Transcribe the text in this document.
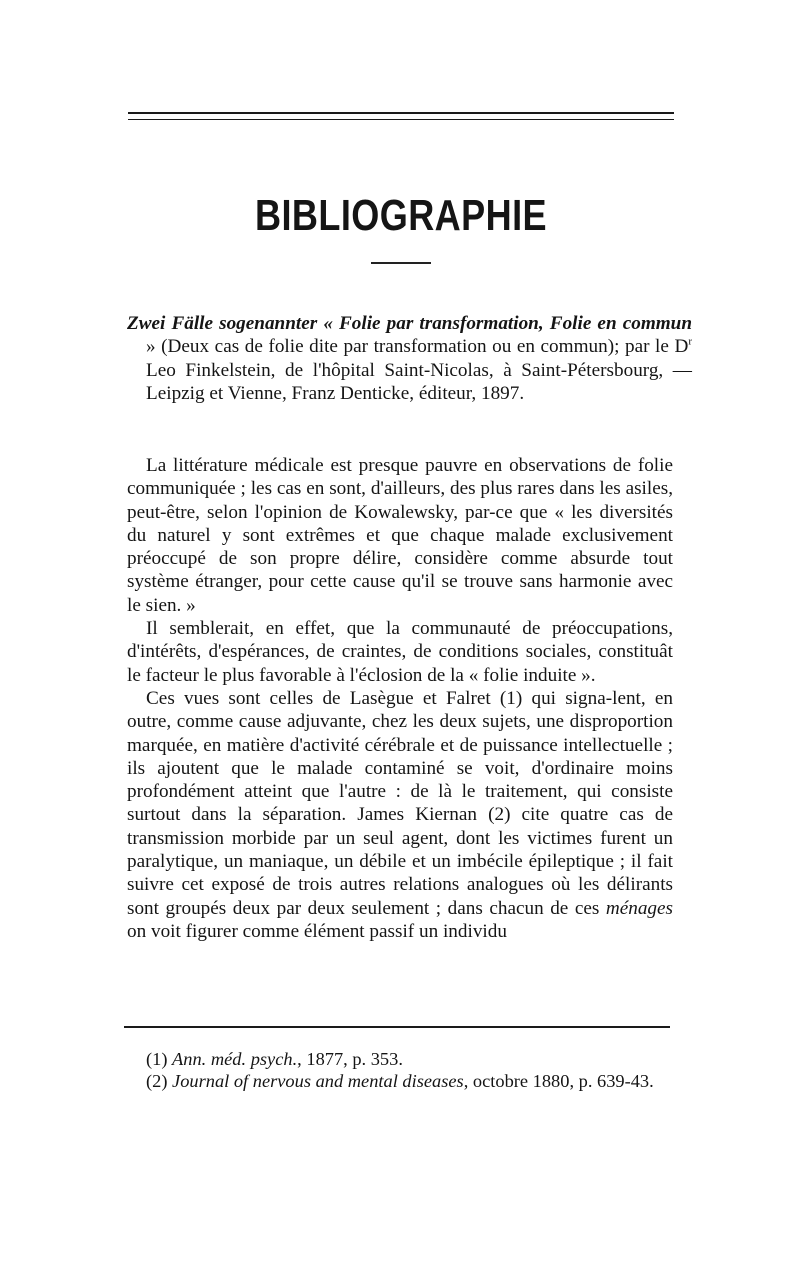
BIBLIOGRAPHIE

Zwei Fälle sogenannter « Folie par transformation, Folie en commun » (Deux cas de folie dite par transformation ou en commun); par le $D^r$ Leo Finkelstein, de l'hôpital Saint-Nicolas, à Saint-Pétersbourg, — Leipzig et Vienne, Franz Denticke, éditeur, 1897.

La littérature médicale est presque pauvre en observations de folie communiquée ; les cas en sont, d'ailleurs, des plus rares dans les asiles, peut-être, selon l'opinion de Kowalewsky, par-ce que « les diversités du naturel y sont extrêmes et que chaque malade exclusivement préoccupé de son propre délire, considère comme absurde tout système étranger, pour cette cause qu'il se trouve sans harmonie avec le sien. »

Il semblerait, en effet, que la communauté de préoccupations, d'intérêts, d'espérances, de craintes, de conditions sociales, constituât le facteur le plus favorable à l'éclosion de la « folie induite ».

Ces vues sont celles de Lasègue et Falret (1) qui signa-lent, en outre, comme cause adjuvante, chez les deux sujets, une disproportion marquée, en matière d'activité cérébrale et de puissance intellectuelle ; ils ajoutent que le malade contaminé se voit, d'ordinaire moins profondément atteint que l'autre : de là le traitement, qui consiste surtout dans la séparation. James Kiernan (2) cite quatre cas de transmission morbide par un seul agent, dont les victimes furent un paralytique, un maniaque, un débile et un imbécile épileptique ; il fait suivre cet exposé de trois autres relations analogues où les délirants sont groupés deux par deux seulement ; dans chacun de ces ménages on voit figurer comme élément passif un individu

(1) Ann. méd. psych., 1877, p. 353.

(2) Journal of nervous and mental diseases, octobre 1880, p. 639-43.
